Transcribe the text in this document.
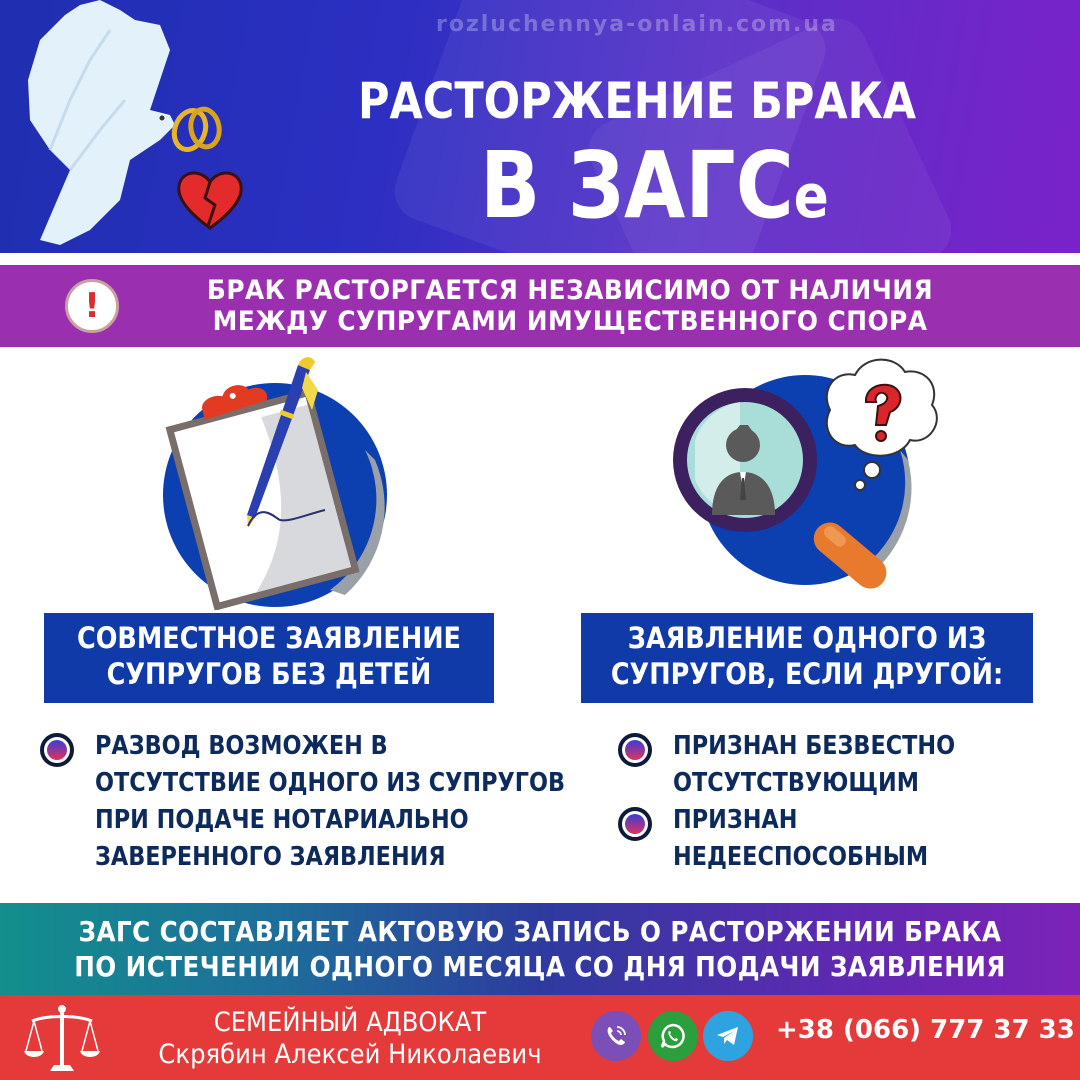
rozluchennya-onlain.com.ua
РАСТОРЖЕНИЕ БРАКА
В ЗАГСе
!	БРАК РАСТОРГАЕТСЯ НЕЗАВИСИМО ОТ НАЛИЧИЯ
МЕЖДУ СУПРУГАМИ ИМУЩЕСТВЕННОГО СПОРА
СОВМЕСТНОЕ ЗАЯВЛЕНИЕ
СУПРУГОВ БЕЗ ДЕТЕЙ
ЗАЯВЛЕНИЕ ОДНОГО ИЗ
СУПРУГОВ, ЕСЛИ ДРУГОЙ:
РАЗВОД ВОЗМОЖЕН В
ОТСУТСТВИЕ ОДНОГО ИЗ СУПРУГОВ
ПРИ ПОДАЧЕ НОТАРИАЛЬНО
ЗАВЕРЕННОГО ЗАЯВЛЕНИЯ
ПРИЗНАН БЕЗВЕСТНО
ОТСУТСТВУЮЩИМ
ПРИЗНАН
НЕДЕЕСПОСОБНЫМ
ЗАГС СОСТАВЛЯЕТ АКТОВУЮ ЗАПИСЬ О РАСТОРЖЕНИИ БРАКА
ПО ИСТЕЧЕНИИ ОДНОГО МЕСЯЦА СО ДНЯ ПОДАЧИ ЗАЯВЛЕНИЯ
СЕМЕЙНЫЙ АДВОКАТ
Скрябин Алексей Николаевич
+38 (066) 777 37 33
